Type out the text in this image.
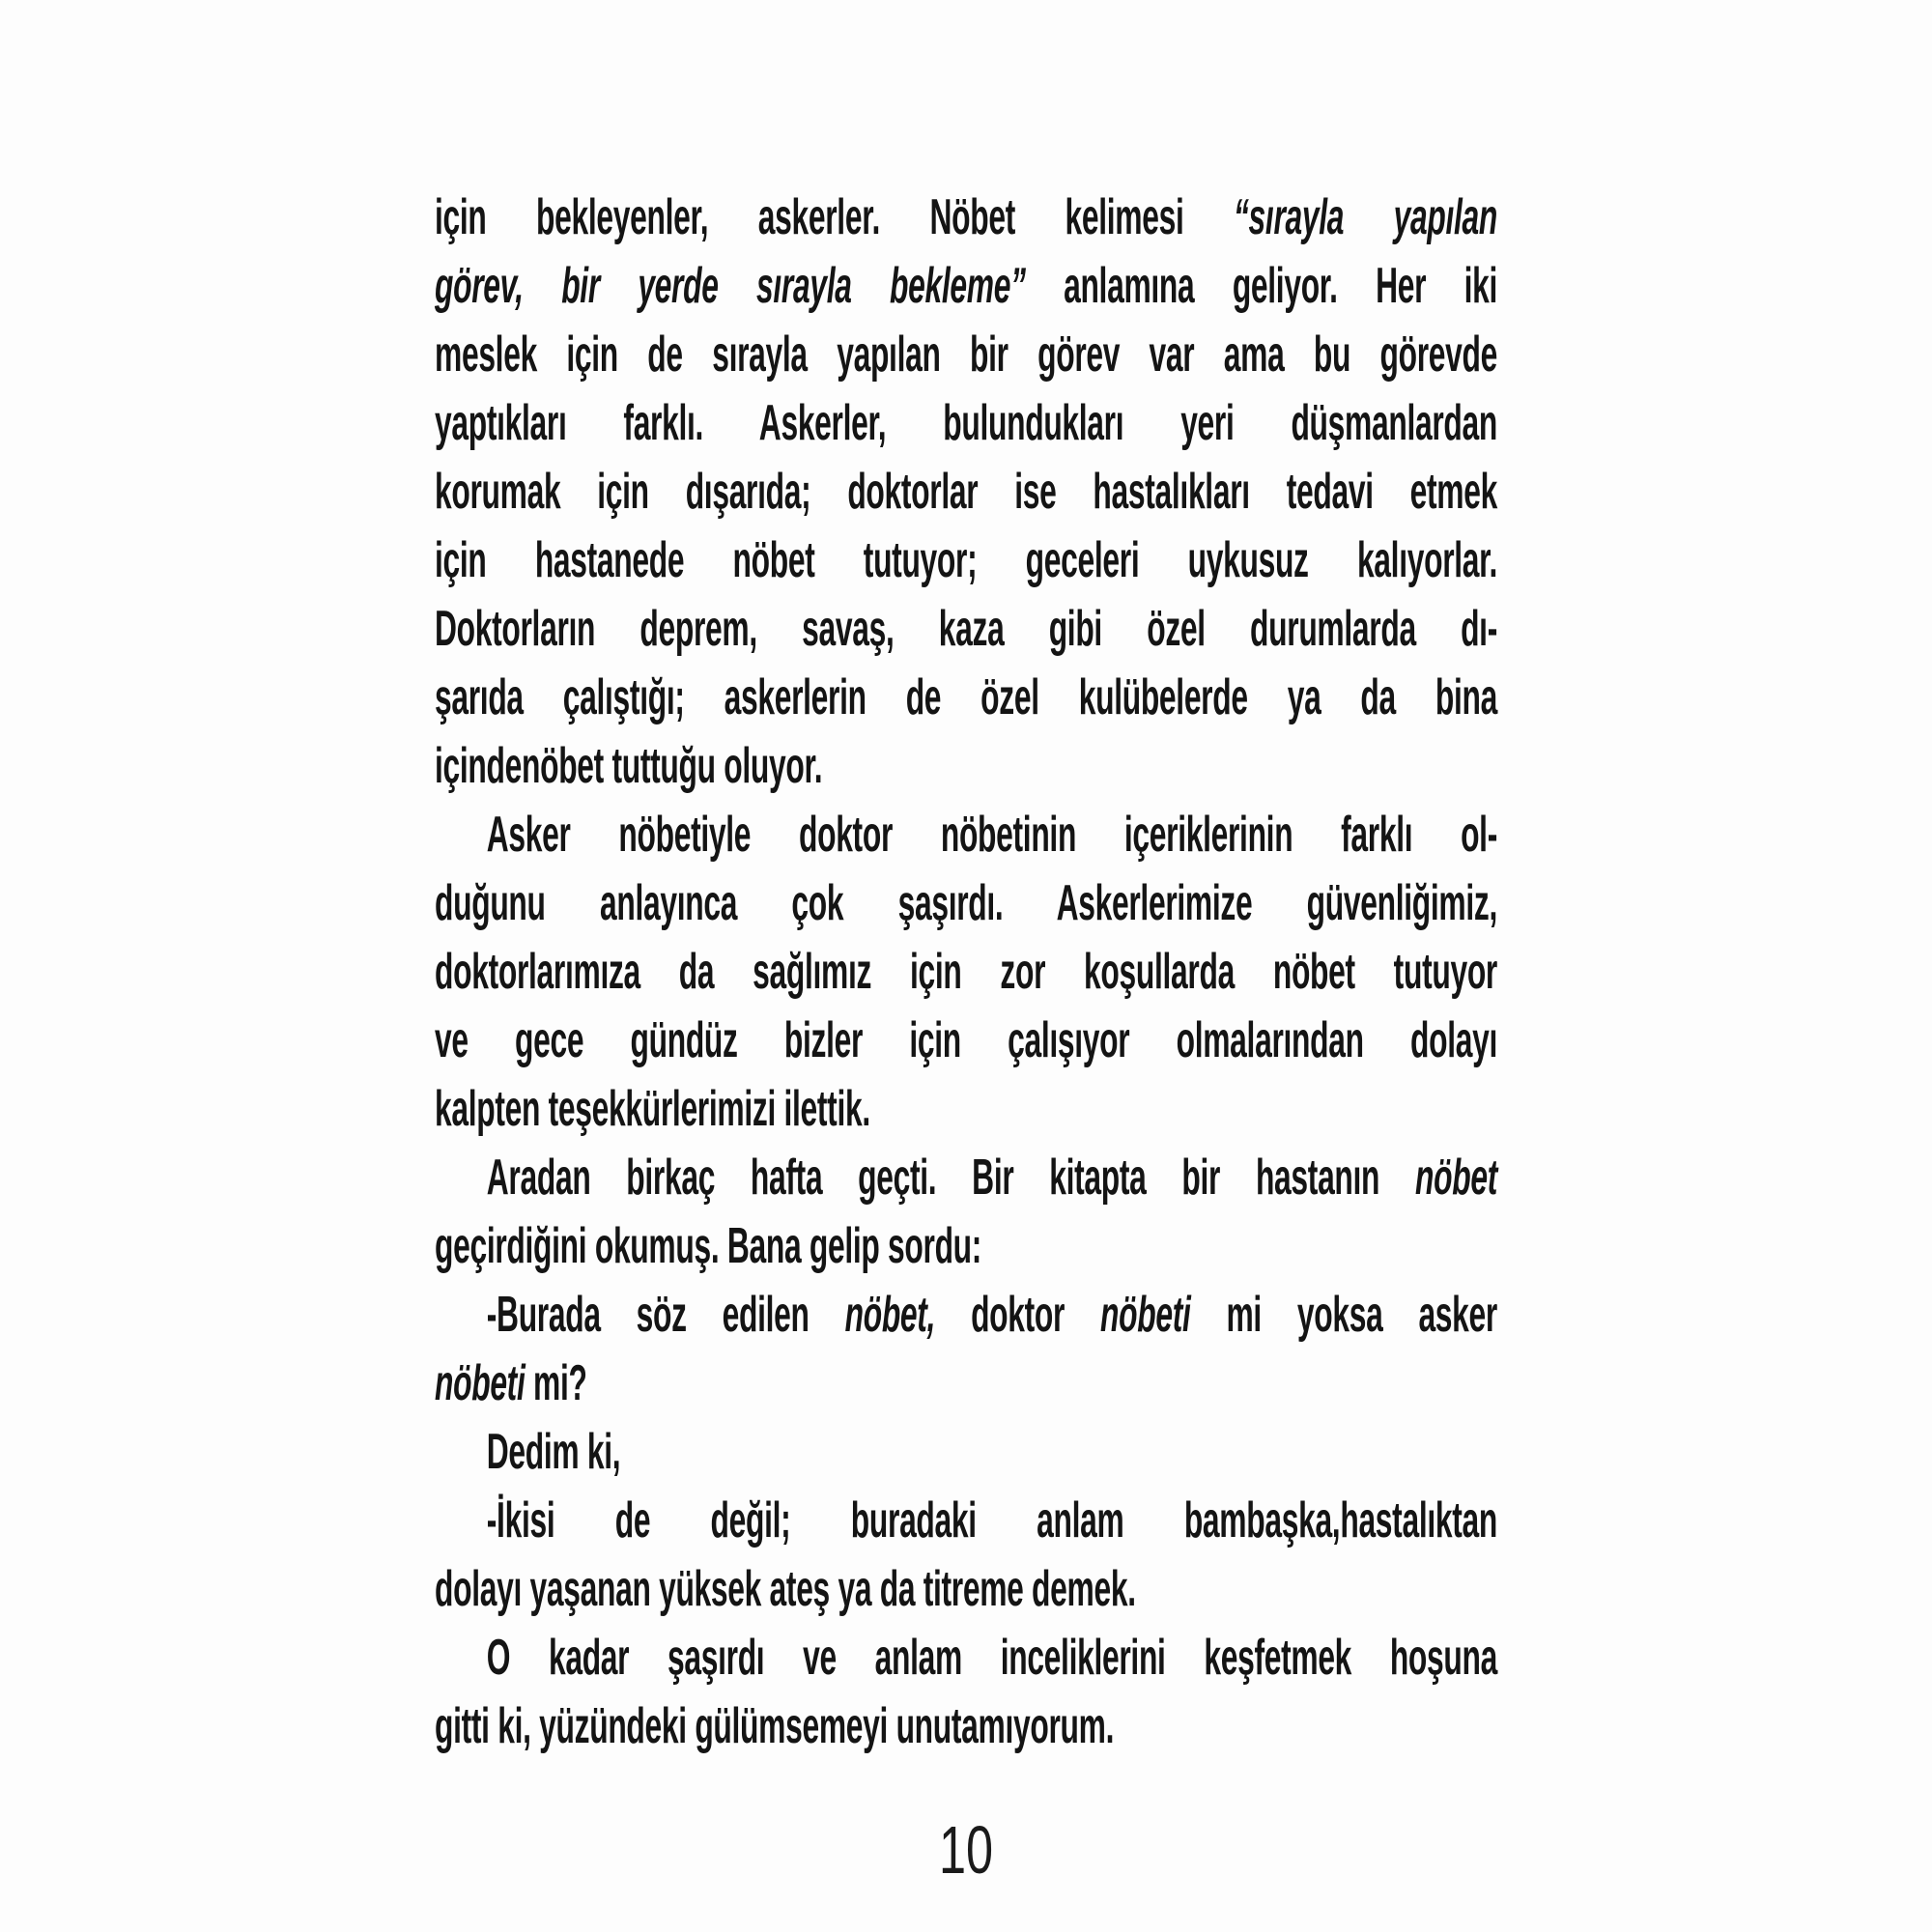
için bekleyenler, askerler. Nöbet kelimesi “sırayla yapılan
görev, bir yerde sırayla bekleme” anlamına geliyor. Her iki
meslek için de sırayla yapılan bir görev var ama bu görevde
yaptıkları farklı. Askerler, bulundukları yeri düşmanlardan
korumak için dışarıda; doktorlar ise hastalıkları tedavi etmek
için hastanede nöbet tutuyor; geceleri uykusuz kalıyorlar.
Doktorların deprem, savaş, kaza gibi özel durumlarda dı-
şarıda çalıştığı; askerlerin de özel kulübelerde ya da bina
içindenöbet tuttuğu oluyor.
Asker nöbetiyle doktor nöbetinin içeriklerinin farklı ol-
duğunu anlayınca çok şaşırdı. Askerlerimize güvenliğimiz,
doktorlarımıza da sağlımız için zor koşullarda nöbet tutuyor
ve gece gündüz bizler için çalışıyor olmalarından dolayı
kalpten teşekkürlerimizi ilettik.
Aradan birkaç hafta geçti. Bir kitapta bir hastanın nöbet
geçirdiğini okumuş. Bana gelip sordu:
-Burada söz edilen nöbet, doktor nöbeti mi yoksa asker
nöbeti mi?
Dedim ki,
-İkisi de değil; buradaki anlam bambaşka,hastalıktan
dolayı yaşanan yüksek ateş ya da titreme demek.
O kadar şaşırdı ve anlam inceliklerini keşfetmek hoşuna
gitti ki, yüzündeki gülümsemeyi unutamıyorum.
10
